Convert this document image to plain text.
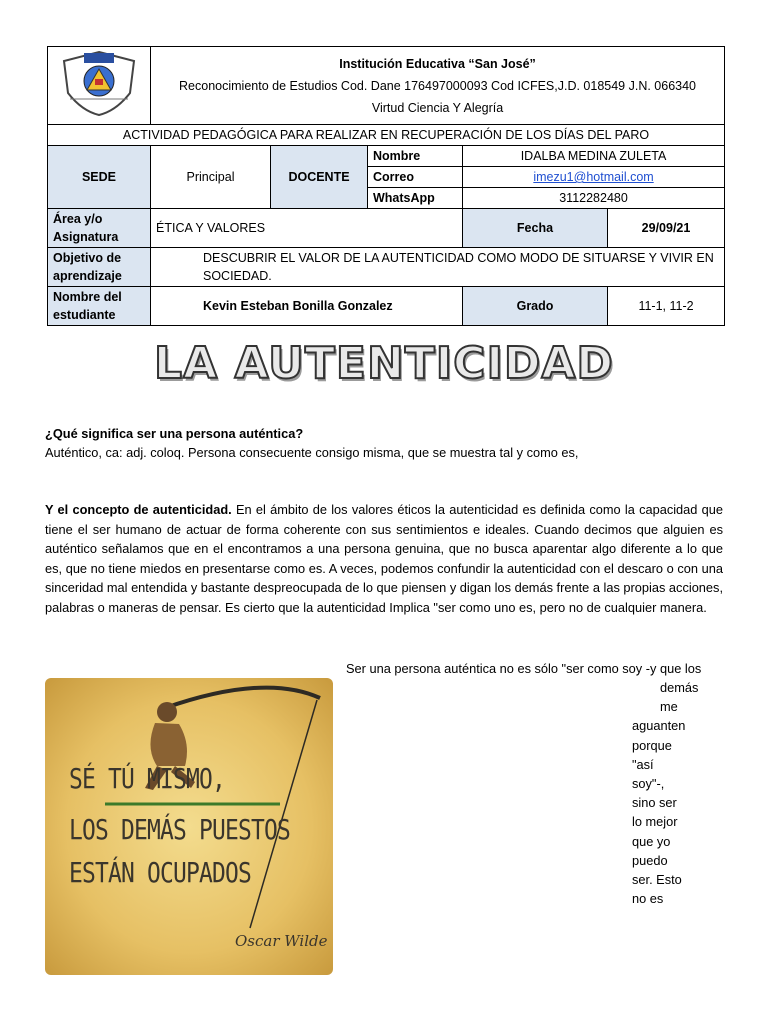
Institución Educativa “San José”
Reconocimiento de Estudios Cod. Dane 176497000093 Cod ICFES,J.D. 018549 J.N. 066340
Virtud Ciencia Y Alegría				

ACTIVIDAD PEDAGÓGICA PARA REALIZAR EN RECUPERACIÓN DE LOS DÍAS DEL PARO					
SEDE	Principal	DOCENTE	Nombre	IDALBA MEDINA ZULETA	
			Correo	imezu1@hotmail.com	
			WhatsApp	3112282480	
Área y/o Asignatura	ÉTICA Y VALORES			Fecha	29/09/21
Objetivo de aprendizaje	DESCUBRIR EL VALOR DE LA AUTENTICIDAD COMO MODO DE SITUARSE Y VIVIR EN SOCIEDAD.				
Nombre del estudiante	Kevin Esteban Bonilla Gonzalez			Grado	11-1, 11-2
LA AUTENTICIDAD
¿Qué significa ser una persona auténtica?
Auténtico, ca: adj. coloq. Persona consecuente consigo misma, que se muestra tal y como es,
Y el concepto de autenticidad. En el ámbito de los valores éticos la autenticidad es definida como la capacidad que tiene el ser humano de actuar de forma coherente con sus sentimientos e ideales. Cuando decimos que alguien es auténtico señalamos que en el encontramos a una persona genuina, que no busca aparentar algo diferente a lo que es, que no tiene miedos en presentarse como es. A veces, podemos confundir la autenticidad con el descaro o con una sinceridad mal entendida y bastante despreocupada de lo que piensen y digan los demás frente a las propias acciones, palabras o maneras de pensar. Es cierto que la autenticidad Implica "ser como uno es, pero no de cualquier manera.
Ser una persona auténtica no es sólo "ser como soy -y que los
demás
me
aguanten
porque
"así
soy"-,
sino ser
lo mejor
que yo
puedo
ser. Esto
no es
SÉ TÚ MISMO,
LOS DEMÁS PUESTOS
ESTÁN OCUPADOS
Oscar Wilde
